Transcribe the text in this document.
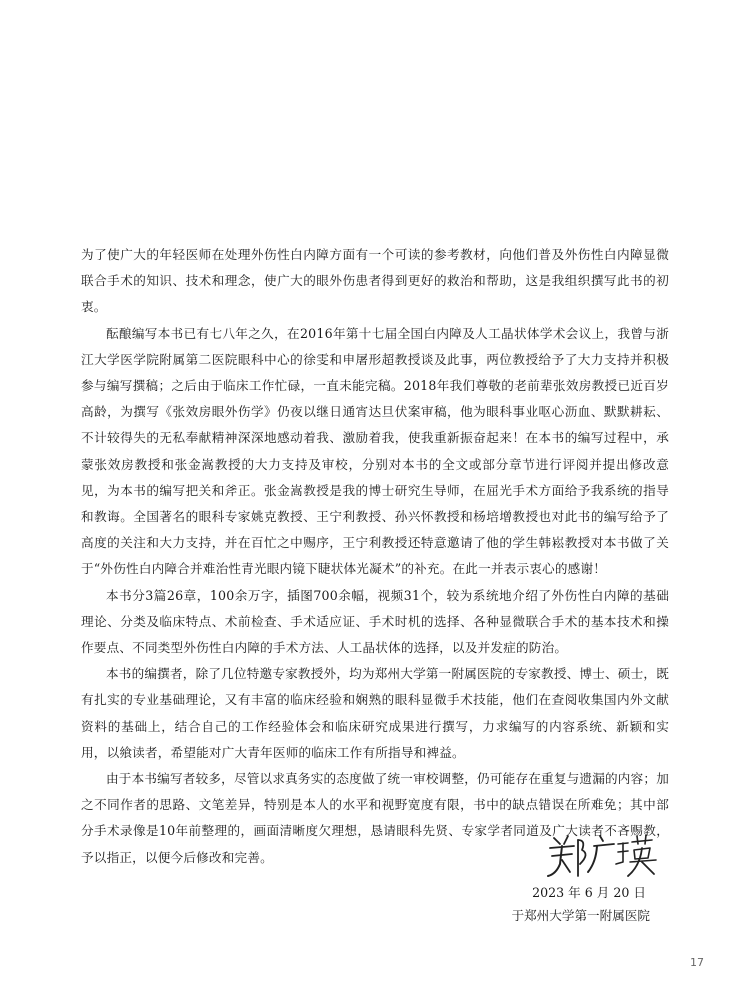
为了使广大的年轻医师在处理外伤性白内障方面有一个可读的参考教材，向他们普及外伤性白内障显微联合手术的知识、技术和理念，使广大的眼外伤患者得到更好的救治和帮助，这是我组织撰写此书的初衷。

酝酿编写本书已有七八年之久，在2016年第十七届全国白内障及人工晶状体学术会议上，我曾与浙江大学医学院附属第二医院眼科中心的徐雯和申屠形超教授谈及此事，两位教授给予了大力支持并积极参与编写撰稿；之后由于临床工作忙碌，一直未能完稿。2018年我们尊敬的老前辈张效房教授已近百岁高龄，为撰写《张效房眼外伤学》仍夜以继日通宵达旦伏案审稿，他为眼科事业呕心沥血、默默耕耘、不计较得失的无私奉献精神深深地感动着我、激励着我，使我重新振奋起来！在本书的编写过程中，承蒙张效房教授和张金嵩教授的大力支持及审校，分别对本书的全文或部分章节进行评阅并提出修改意见，为本书的编写把关和斧正。张金嵩教授是我的博士研究生导师，在屈光手术方面给予我系统的指导和教诲。全国著名的眼科专家姚克教授、王宁利教授、孙兴怀教授和杨培增教授也对此书的编写给予了高度的关注和大力支持，并在百忙之中赐序，王宁利教授还特意邀请了他的学生韩崧教授对本书做了关于“外伤性白内障合并难治性青光眼内镜下睫状体光凝术”的补充。在此一并表示衷心的感谢！

本书分3篇26章，100余万字，插图700余幅，视频31个，较为系统地介绍了外伤性白内障的基础理论、分类及临床特点、术前检查、手术适应证、手术时机的选择、各种显微联合手术的基本技术和操作要点、不同类型外伤性白内障的手术方法、人工晶状体的选择，以及并发症的防治。

本书的编撰者，除了几位特邀专家教授外，均为郑州大学第一附属医院的专家教授、博士、硕士，既有扎实的专业基础理论，又有丰富的临床经验和娴熟的眼科显微手术技能，他们在查阅收集国内外文献资料的基础上，结合自己的工作经验体会和临床研究成果进行撰写，力求编写的内容系统、新颖和实用，以飨读者，希望能对广大青年医师的临床工作有所指导和裨益。

由于本书编写者较多，尽管以求真务实的态度做了统一审校调整，仍可能存在重复与遗漏的内容；加之不同作者的思路、文笔差异，特别是本人的水平和视野宽度有限，书中的缺点错误在所难免；其中部分手术录像是10年前整理的，画面清晰度欠理想，恳请眼科先贤、专家学者同道及广大读者不吝赐教，予以指正，以便今后修改和完善。

2023 年 6 月 20 日
于郑州大学第一附属医院
17
